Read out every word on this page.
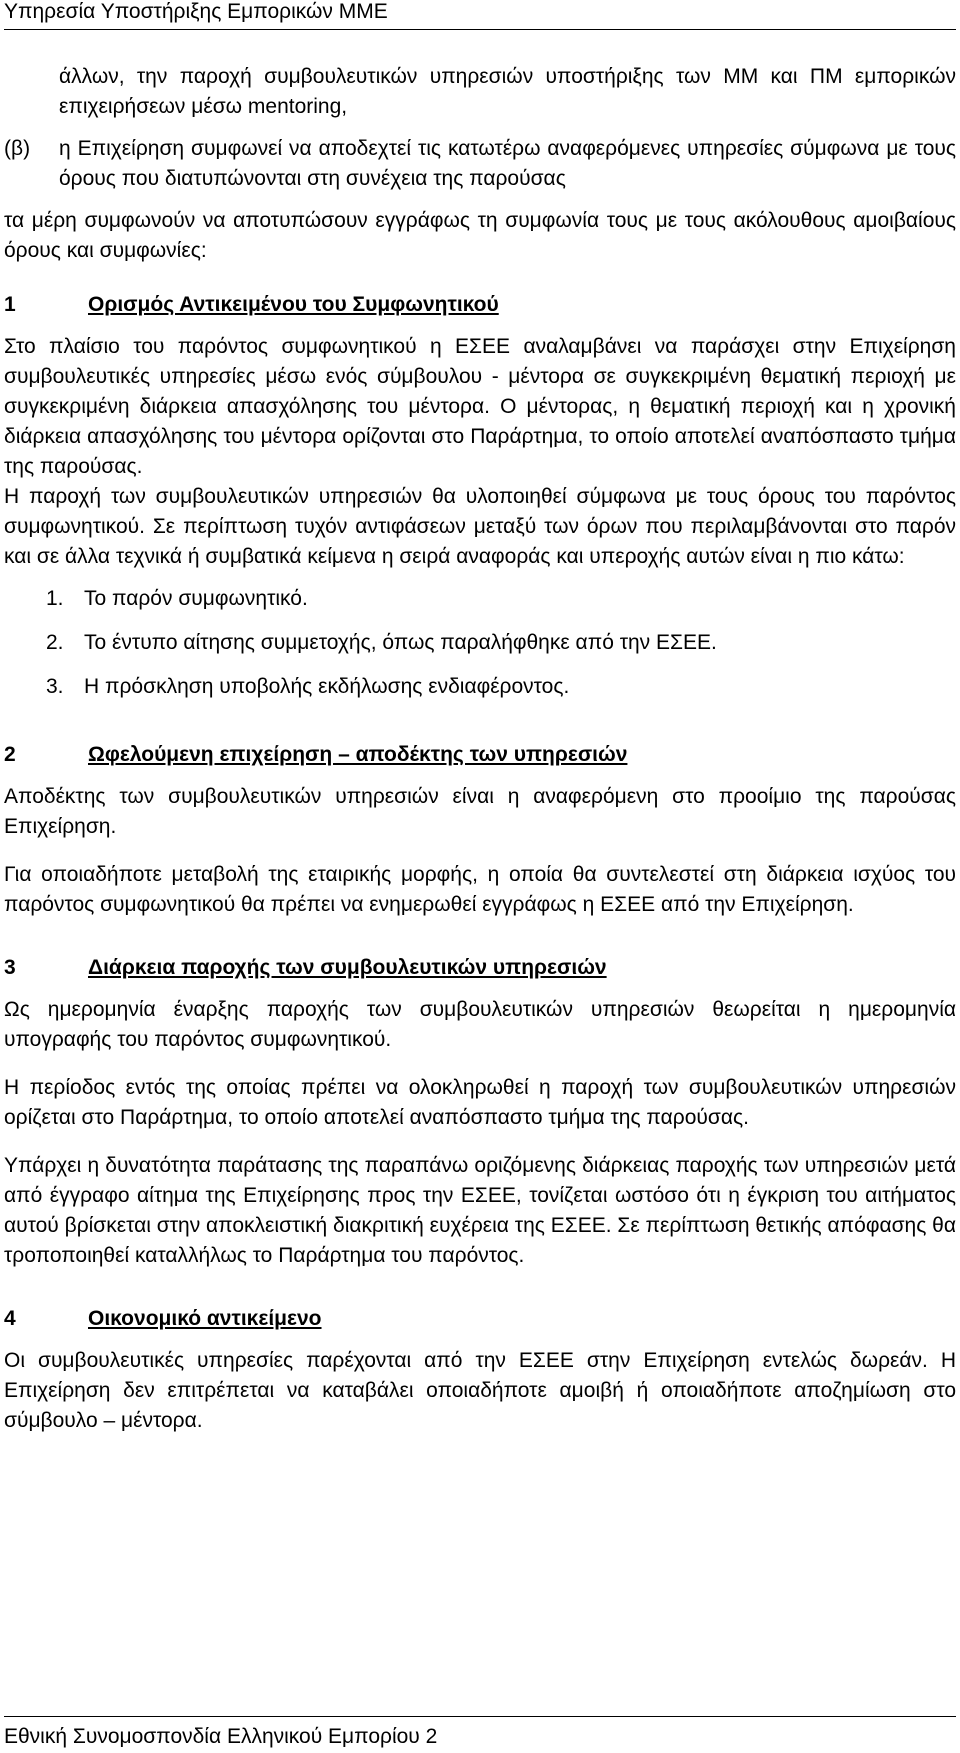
Υπηρεσία Υποστήριξης Εμπορικών ΜΜΕ

άλλων, την παροχή συμβουλευτικών υπηρεσιών υποστήριξης των ΜΜ και ΠΜ εμπορικών επιχειρήσεων μέσω mentoring,

(β)	η Επιχείρηση συμφωνεί να αποδεχτεί τις κατωτέρω αναφερόμενες υπηρεσίες σύμφωνα με τους όρους που διατυπώνονται στη συνέχεια της παρούσας

τα μέρη συμφωνούν να αποτυπώσουν εγγράφως τη συμφωνία τους με τους ακόλουθους αμοιβαίους όρους και συμφωνίες:

1	Ορισμός Αντικειμένου του Συμφωνητικού

Στο πλαίσιο του παρόντος συμφωνητικού η ΕΣΕΕ αναλαμβάνει να παράσχει στην Επιχείρηση συμβουλευτικές υπηρεσίες μέσω ενός σύμβουλου - μέντορα σε συγκεκριμένη θεματική περιοχή με συγκεκριμένη διάρκεια απασχόλησης του μέντορα. Ο μέντορας, η θεματική περιοχή και η χρονική διάρκεια απασχόλησης του μέντορα ορίζονται στο Παράρτημα, το οποίο αποτελεί αναπόσπαστο τμήμα της παρούσας.

Η παροχή των συμβουλευτικών υπηρεσιών θα υλοποιηθεί σύμφωνα με τους όρους του παρόντος συμφωνητικού. Σε περίπτωση τυχόν αντιφάσεων μεταξύ των όρων που περιλαμβάνονται στο παρόν και σε άλλα τεχνικά ή συμβατικά κείμενα η σειρά αναφοράς και υπεροχής αυτών είναι η πιο κάτω:

1. Το παρόν συμφωνητικό.
2. Το έντυπο αίτησης συμμετοχής, όπως παραλήφθηκε από την ΕΣΕΕ.
3. Η πρόσκληση υποβολής εκδήλωσης ενδιαφέροντος.
2	Ωφελούμενη επιχείρηση – αποδέκτης των υπηρεσιών

Αποδέκτης των συμβουλευτικών υπηρεσιών είναι η αναφερόμενη στο προοίμιο της παρούσας Επιχείρηση.

Για οποιαδήποτε μεταβολή της εταιρικής μορφής, η οποία θα συντελεστεί στη διάρκεια ισχύος του παρόντος συμφωνητικού θα πρέπει να ενημερωθεί εγγράφως η ΕΣΕΕ από την Επιχείρηση.

3	Διάρκεια παροχής των συμβουλευτικών υπηρεσιών

Ως ημερομηνία έναρξης παροχής των συμβουλευτικών υπηρεσιών θεωρείται η ημερομηνία υπογραφής του παρόντος συμφωνητικού.

Η περίοδος εντός της οποίας πρέπει να ολοκληρωθεί η παροχή των συμβουλευτικών υπηρεσιών ορίζεται στο Παράρτημα, το οποίο αποτελεί αναπόσπαστο τμήμα της παρούσας.

Υπάρχει η δυνατότητα παράτασης της παραπάνω οριζόμενης διάρκειας παροχής των υπηρεσιών μετά από έγγραφο αίτημα της Επιχείρησης προς την ΕΣΕΕ, τονίζεται ωστόσο ότι η έγκριση του αιτήματος αυτού βρίσκεται στην αποκλειστική διακριτική ευχέρεια της ΕΣΕΕ. Σε περίπτωση θετικής απόφασης θα τροποποιηθεί καταλλήλως το Παράρτημα του παρόντος.

4	Οικονομικό αντικείμενο

Οι συμβουλευτικές υπηρεσίες παρέχονται από την ΕΣΕΕ στην Επιχείρηση εντελώς δωρεάν. Η Επιχείρηση δεν επιτρέπεται να καταβάλει οποιαδήποτε αμοιβή ή οποιαδήποτε αποζημίωση στο σύμβουλο – μέντορα.

Εθνική Συνομοσπονδία Ελληνικού Εμπορίου 2
